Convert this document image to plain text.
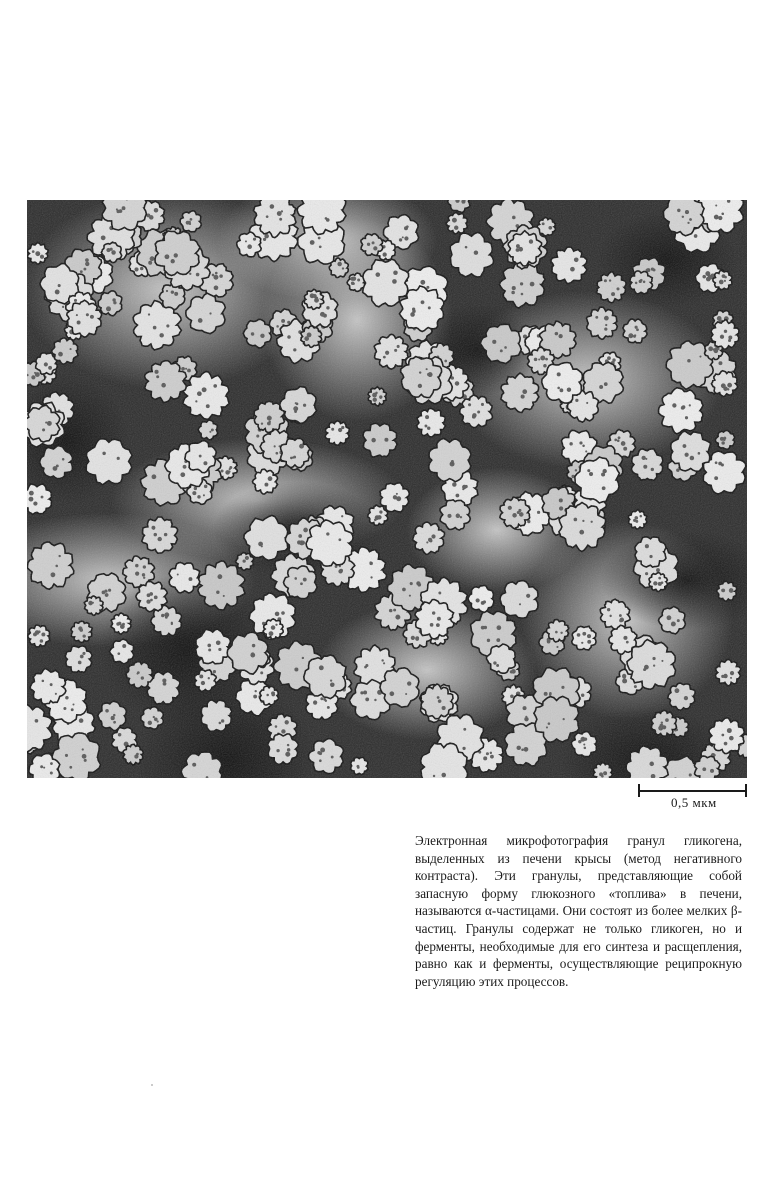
0,5 мкм
Электронная микрофотография гранул гликогена, выделенных из печени крысы (метод негативного контраста). Эти гранулы, представляющие собой запасную форму глюкозного «топлива» в печени, называются α-частицами. Они состоят из более мелких β-частиц. Гранулы содержат не только гликоген, но и ферменты, необходимые для его синтеза и расщепления, равно как и ферменты, осуществляющие реципрокную регуляцию этих процессов.
